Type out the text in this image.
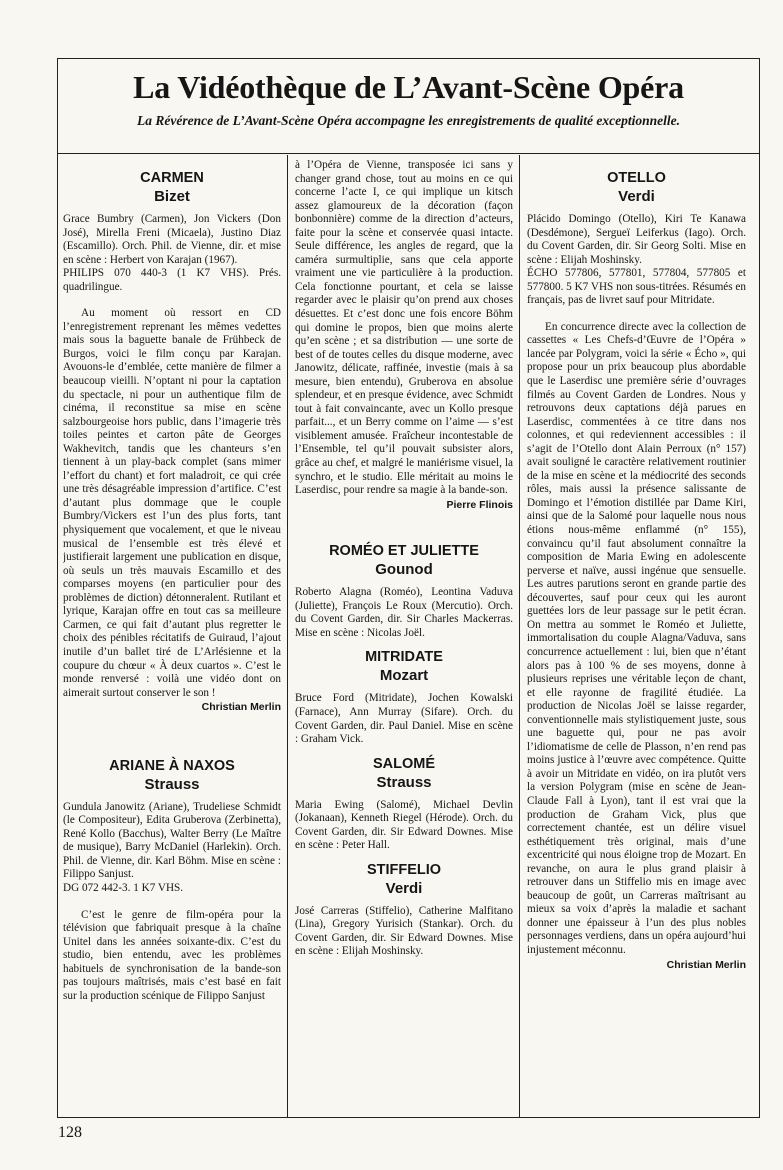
La Vidéothèque de L’Avant-Scène Opéra
La Révérence de L’Avant-Scène Opéra accompagne les enregistrements de qualité exceptionnelle.
CARMEN
Bizet

Grace Bumbry (Carmen), Jon Vickers (Don José), Mirella Freni (Micaela), Justino Diaz (Escamillo). Orch. Phil. de Vienne, dir. et mise en scène : Herbert von Karajan (1967).

PHILIPS 070 440-3 (1 K7 VHS). Prés. quadrilingue.

Au moment où ressort en CD l’enregistrement reprenant les mêmes vedettes mais sous la baguette banale de Frühbeck de Burgos, voici le film conçu par Karajan. Avouons-le d’emblée, cette manière de filmer a beaucoup vieilli. N’optant ni pour la captation du spectacle, ni pour un authentique film de cinéma, il reconstitue sa mise en scène salzbourgeoise hors public, dans l’imagerie très toiles peintes et carton pâte de Georges Wakhevitch, tandis que les chanteurs s’en tiennent à un play-back complet (sans mimer l’effort du chant) et fort maladroit, ce qui crée une très désagréable impression d’artifice. C’est d’autant plus dommage que le couple Bumbry/Vickers est l’un des plus forts, tant physiquement que vocalement, et que le niveau musical de l’ensemble est très élevé et justifierait largement une publication en disque, où seuls un très mauvais Escamillo et des comparses moyens (en particulier pour des problèmes de diction) détonneralent. Rutilant et lyrique, Karajan offre en tout cas sa meilleure Carmen, ce qui fait d’autant plus regretter le choix des pénibles récitatifs de Guiraud, l’ajout inutile d’un ballet tiré de L’Arlésienne et la coupure du chœur « À deux cuartos ». C’est le monde renversé : voilà une vidéo dont on aimerait surtout conserver le son !

Christian Merlin
ARIANE À NAXOS
Strauss

Gundula Janowitz (Ariane), Trudeliese Schmidt (le Compositeur), Edita Gruberova (Zerbinetta), René Kollo (Bacchus), Walter Berry (Le Maître de musique), Barry McDaniel (Harlekin). Orch. Phil. de Vienne, dir. Karl Böhm. Mise en scène : Filippo Sanjust.

DG 072 442-3. 1 K7 VHS.

C’est le genre de film-opéra pour la télévision que fabriquait presque à la chaîne Unitel dans les années soixante-dix. C’est du studio, bien entendu, avec les problèmes habituels de synchronisation de la bande-son pas toujours maîtrisés, mais c’est basé en fait sur la production scénique de Filippo Sanjust

à l’Opéra de Vienne, transposée ici sans y changer grand chose, tout au moins en ce qui concerne l’acte I, ce qui implique un kitsch assez glamoureux de la décoration (façon bonbonnière) comme de la direction d’acteurs, faite pour la scène et conservée quasi intacte. Seule différence, les angles de regard, que la caméra surmultiplie, sans que cela apporte vraiment une vie particulière à la production. Cela fonctionne pourtant, et cela se laisse regarder avec le plaisir qu’on prend aux choses désuettes. Et c’est donc une fois encore Böhm qui domine le propos, bien que moins alerte qu’en scène ; et sa distribution — une sorte de best of de toutes celles du disque moderne, avec Janowitz, délicate, raffinée, investie (mais à sa mesure, bien entendu), Gruberova en absolue splendeur, et en presque évidence, avec Schmidt tout à fait convaincante, avec un Kollo presque parfait..., et un Berry comme on l’aime — s’est visiblement amusée. Fraîcheur incontestable de l’Ensemble, tel qu’il pouvait subsister alors, grâce au chef, et malgré le maniérisme visuel, la synchro, et le studio. Elle méritait au moins le Laserdisc, pour rendre sa magie à la bande-son.

Pierre Flinois
ROMÉO ET JULIETTE
Gounod

Roberto Alagna (Roméo), Leontina Vaduva (Juliette), François Le Roux (Mercutio). Orch. du Covent Garden, dir. Sir Charles Mackerras. Mise en scène : Nicolas Joël.

MITRIDATE
Mozart

Bruce Ford (Mitridate), Jochen Kowalski (Farnace), Ann Murray (Sifare). Orch. du Covent Garden, dir. Paul Daniel. Mise en scène : Graham Vick.

SALOMÉ
Strauss

Maria Ewing (Salomé), Michael Devlin (Jokanaan), Kenneth Riegel (Hérode). Orch. du Covent Garden, dir. Sir Edward Downes. Mise en scène : Peter Hall.

STIFFELIO
Verdi

José Carreras (Stiffelio), Catherine Malfitano (Lina), Gregory Yurisich (Stankar). Orch. du Covent Garden, dir. Sir Edward Downes. Mise en scène : Elijah Moshinsky.

OTELLO
Verdi

Plácido Domingo (Otello), Kiri Te Kanawa (Desdémone), Sergueï Leiferkus (Iago). Orch. du Covent Garden, dir. Sir Georg Solti. Mise en scène : Elijah Moshinsky.

ÉCHO 577806, 577801, 577804, 577805 et 577800. 5 K7 VHS non sous-titrées. Résumés en français, pas de livret sauf pour Mitridate.

En concurrence directe avec la collection de cassettes « Les Chefs-d’Œuvre de l’Opéra » lancée par Polygram, voici la série « Écho », qui propose pour un prix beaucoup plus abordable que le Laserdisc une première série d’ouvrages filmés au Covent Garden de Londres. Nous y retrouvons deux captations déjà parues en Laserdisc, commentées à ce titre dans nos colonnes, et qui redeviennent accessibles : il s’agit de l’Otello dont Alain Perroux (n° 157) avait souligné le caractère relativement routinier de la mise en scène et la médiocrité des seconds rôles, mais aussi la présence salissante de Domingo et l’émotion distillée par Dame Kiri, ainsi que de la Salomé pour laquelle nous nous étions nous-même enflammé (n° 155), convaincu qu’il faut absolument connaître la composition de Maria Ewing en adolescente perverse et naïve, aussi ingénue que sensuelle. Les autres parutions seront en grande partie des découvertes, sauf pour ceux qui les auront guettées lors de leur passage sur le petit écran. On mettra au sommet le Roméo et Juliette, immortalisation du couple Alagna/Vaduva, sans concurrence actuellement : lui, bien que n’étant alors pas à 100 % de ses moyens, donne à plusieurs reprises une véritable leçon de chant, et elle rayonne de fragilité étudiée. La production de Nicolas Joël se laisse regarder, conventionnelle mais stylistiquement juste, sous une baguette qui, pour ne pas avoir l’idiomatisme de celle de Plasson, n’en rend pas moins justice à l’œuvre avec compétence. Quitte à avoir un Mitridate en vidéo, on ira plutôt vers la version Polygram (mise en scène de Jean-Claude Fall à Lyon), tant il est vrai que la production de Graham Vick, plus que correctement chantée, est un délire visuel esthétiquement très original, mais d’une excentricité qui nous éloigne trop de Mozart. En revanche, on aura le plus grand plaisir à retrouver dans un Stiffelio mis en image avec beaucoup de goût, un Carreras maîtrisant au mieux sa voix d’après la maladie et sachant donner une épaisseur à l’un des plus nobles personnages verdiens, dans un opéra aujourd’hui injustement méconnu.

Christian Merlin
128
